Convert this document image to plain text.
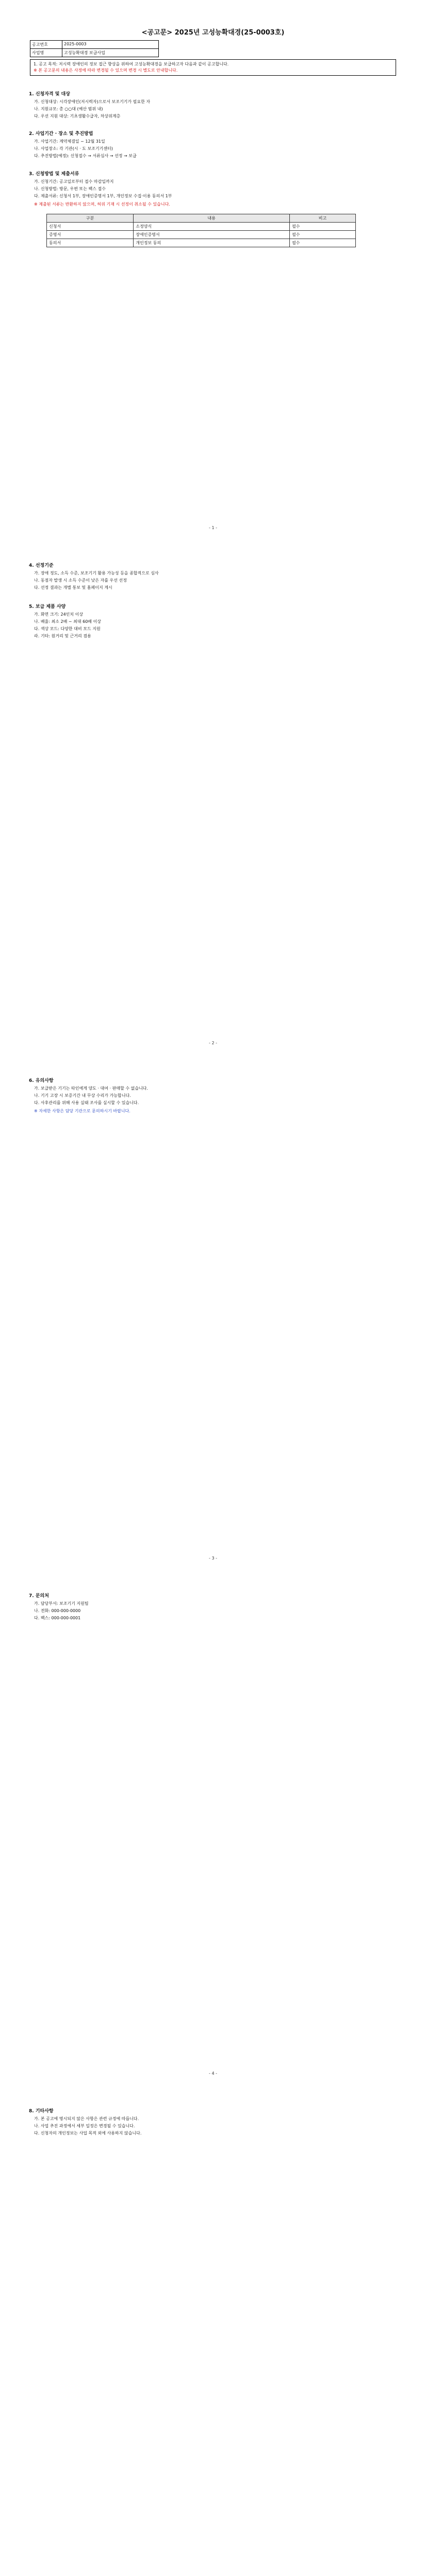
<공고문> 2025년 고성능확대경(25-0003호)
공고번호	2025-0003
사업명	고성능확대경 보급사업
1. 공고 목적: 저시력 장애인의 정보 접근 향상을 위하여 고성능확대경을 보급하고자 다음과 같이 공고합니다.
※ 본 공고문의 내용은 사정에 따라 변경될 수 있으며 변경 시 별도로 안내합니다.
1. 신청자격 및 대상
가. 신청대상: 시각장애인(저시력자)으로서 보조기기가 필요한 자
나. 지원규모: 총 ○○대 (예산 범위 내)
다. 우선 지원 대상: 기초생활수급자, 차상위계층
2. 사업기간 · 장소 및 추진방법
가. 사업기간: 계약체결일 ~ 12월 31일
나. 사업장소: 각 기관(시 · 도 보조기기센터)
다. 추진방법(예정): 신청접수 → 서류심사 → 선정 → 보급
3. 신청방법 및 제출서류
가. 신청기간: 공고일로부터 접수 마감일까지
나. 신청방법: 방문, 우편 또는 팩스 접수
다. 제출서류: 신청서 1부, 장애인증명서 1부, 개인정보 수집·이용 동의서 1부
※ 제출된 서류는 반환하지 않으며, 허위 기재 시 선정이 취소될 수 있습니다.
구분	내용	비고
신청서	소정양식	필수
증명서	장애인증명서	필수
동의서	개인정보 동의	필수
- 1 -
4. 선정기준
가. 장애 정도, 소득 수준, 보조기기 활용 가능성 등을 종합적으로 심사
나. 동점자 발생 시 소득 수준이 낮은 자를 우선 선정
다. 선정 결과는 개별 통보 및 홈페이지 게시
5. 보급 제품 사양
가. 화면 크기: 24인치 이상
나. 배율: 최소 2배 ~ 최대 60배 이상
다. 색상 모드: 다양한 대비 모드 지원
라. 기타: 원거리 및 근거리 겸용
- 2 -
6. 유의사항
가. 보급받은 기기는 타인에게 양도 · 대여 · 판매할 수 없습니다.
나. 기기 고장 시 보증기간 내 무상 수리가 가능합니다.
다. 사후관리를 위해 사용 실태 조사를 실시할 수 있습니다.
※ 자세한 사항은 담당 기관으로 문의하시기 바랍니다.
- 3 -
7. 문의처
가. 담당부서: 보조기기 지원팀
나. 전화: 000-000-0000
다. 팩스: 000-000-0001
- 4 -
8. 기타사항
가. 본 공고에 명시되지 않은 사항은 관련 규정에 따릅니다.
나. 사업 추진 과정에서 세부 일정은 변경될 수 있습니다.
다. 신청자의 개인정보는 사업 목적 외에 사용하지 않습니다.
